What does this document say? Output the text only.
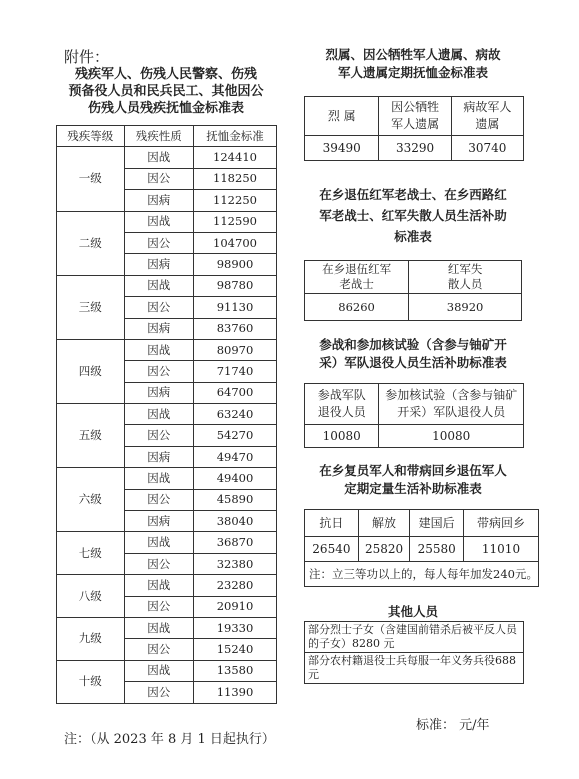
附件：
残疾军人、伤残人民警察、伤残
预备役人员和民兵民工、其他因公
伤残人员残疾抚恤金标准表
残疾等级	残疾性质	抚恤金标准
一级	因战	124410
	因公	118250
	因病	112250
二级	因战	112590
	因公	104700
	因病	98900
三级	因战	98780
	因公	91130
	因病	83760
四级	因战	80970
	因公	71740
	因病	64700
五级	因战	63240
	因公	54270
	因病	49470
六级	因战	49400
	因公	45890
	因病	38040
七级	因战	36870
	因公	32380
八级	因战	23280
	因公	20910
九级	因战	19330
	因公	15240
十级	因战	13580
	因公	11390
烈属、因公牺牲军人遗属、病故
军人遗属定期抚恤金标准表
烈 属	因公牺牲军人遗属	病故军人遗属
39490	33290	30740
在乡退伍红军老战士、在乡西路红
军老战士、红军失散人员生活补助
标准表
在乡退伍红军老战士	红军失散人员
86260	38920
参战和参加核试验（含参与铀矿开
采）军队退役人员生活补助标准表
参战军队退役人员	参加核试验（含参与铀矿开采）军队退役人员
10080	10080
在乡复员军人和带病回乡退伍军人
定期定量生活补助标准表
抗日	解放	建国后	带病回乡
26540	25820	25580	11010
注：立三等功以上的，每人每年加发240元。			
其他人员
部分烈士子女（含建国前错杀后被平反人员的子女）8280 元
部分农村籍退役士兵每服一年义务兵役688 元
标准： 元/年
注：（从 2023 年 8 月 1 日起执行）
